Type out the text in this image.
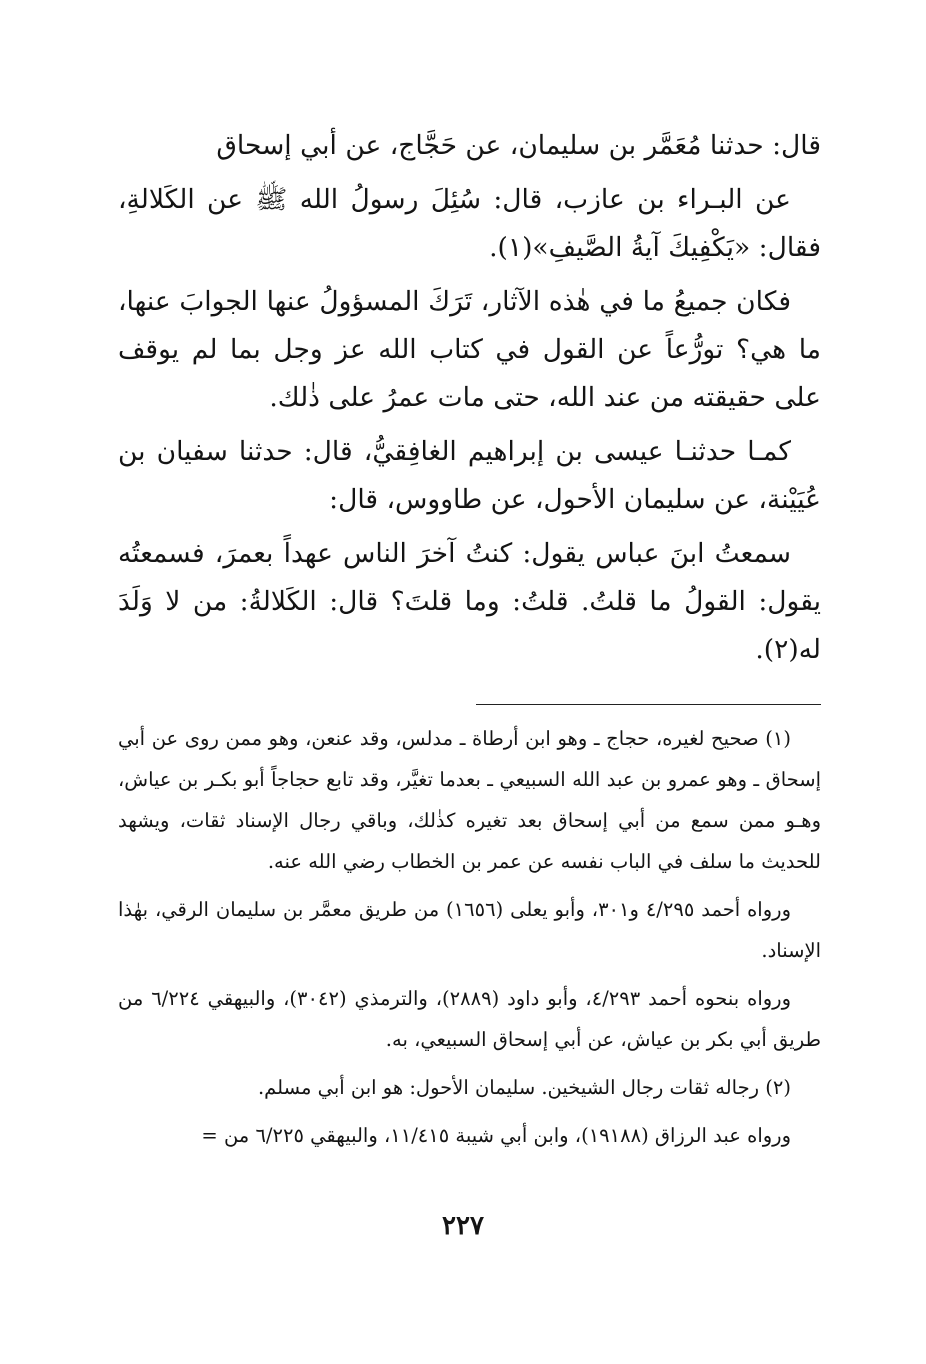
قال: حدثنا مُعَمَّر بن سليمان، عن حَجَّاج، عن أبي إسحاق

عن البـراء بن عازب، قال: سُئِلَ رسولُ الله ﷺ عن الكَلالةِ، فقال: «يَكْفِيكَ آيةُ الصَّيفِ»(١).

فكان جميعُ ما في هٰذه الآثار، تَرَكَ المسؤولُ عنها الجوابَ عنها، ما هي؟ تورُّعاً عن القول في كتاب الله عز وجل بما لم يوقف على حقيقته من عند الله، حتى مات عمرُ على ذٰلك.

كمـا حدثنـا عيسى بن إبراهيم الغافِقيُّ، قال: حدثنا سفيان بن عُيَيْنة، عن سليمان الأحول، عن طاووس، قال:

سمعتُ ابنَ عباس يقول: كنتُ آخرَ الناس عهداً بعمرَ، فسمعتُه يقول: القولُ ما قلتُ. قلتُ: وما قلتَ؟ قال: الكَلالةُ: من لا وَلَدَ له(٢).

(١) صحيح لغيره، حجاج ـ وهو ابن أرطاة ـ مدلس، وقد عنعن، وهو ممن روى عن أبي إسحاق ـ وهو عمرو بن عبد الله السبيعي ـ بعدما تغيَّر، وقد تابع حجاجاً أبو بكـر بن عياش، وهـو ممن سمع من أبي إسحاق بعد تغيره كذٰلك، وباقي رجال الإسناد ثقات، ويشهد للحديث ما سلف في الباب نفسه عن عمر بن الخطاب رضي الله عنه.

ورواه أحمد ٤/٢٩٥ و٣٠١، وأبو يعلى (١٦٥٦) من طريق معمَّر بن سليمان الرقي، بهٰذا الإسناد.

ورواه بنحوه أحمد ٤/٢٩٣، وأبو داود (٢٨٨٩)، والترمذي (٣٠٤٢)، والبيهقي ٦/٢٢٤ من طريق أبي بكر بن عياش، عن أبي إسحاق السبيعي، به.

(٢) رجاله ثقات رجال الشيخين. سليمان الأحول: هو ابن أبي مسلم.

ورواه عبد الرزاق (١٩١٨٨)، وابن أبي شيبة ١١/٤١٥، والبيهقي ٦/٢٢٥ من =

٢٢٧
